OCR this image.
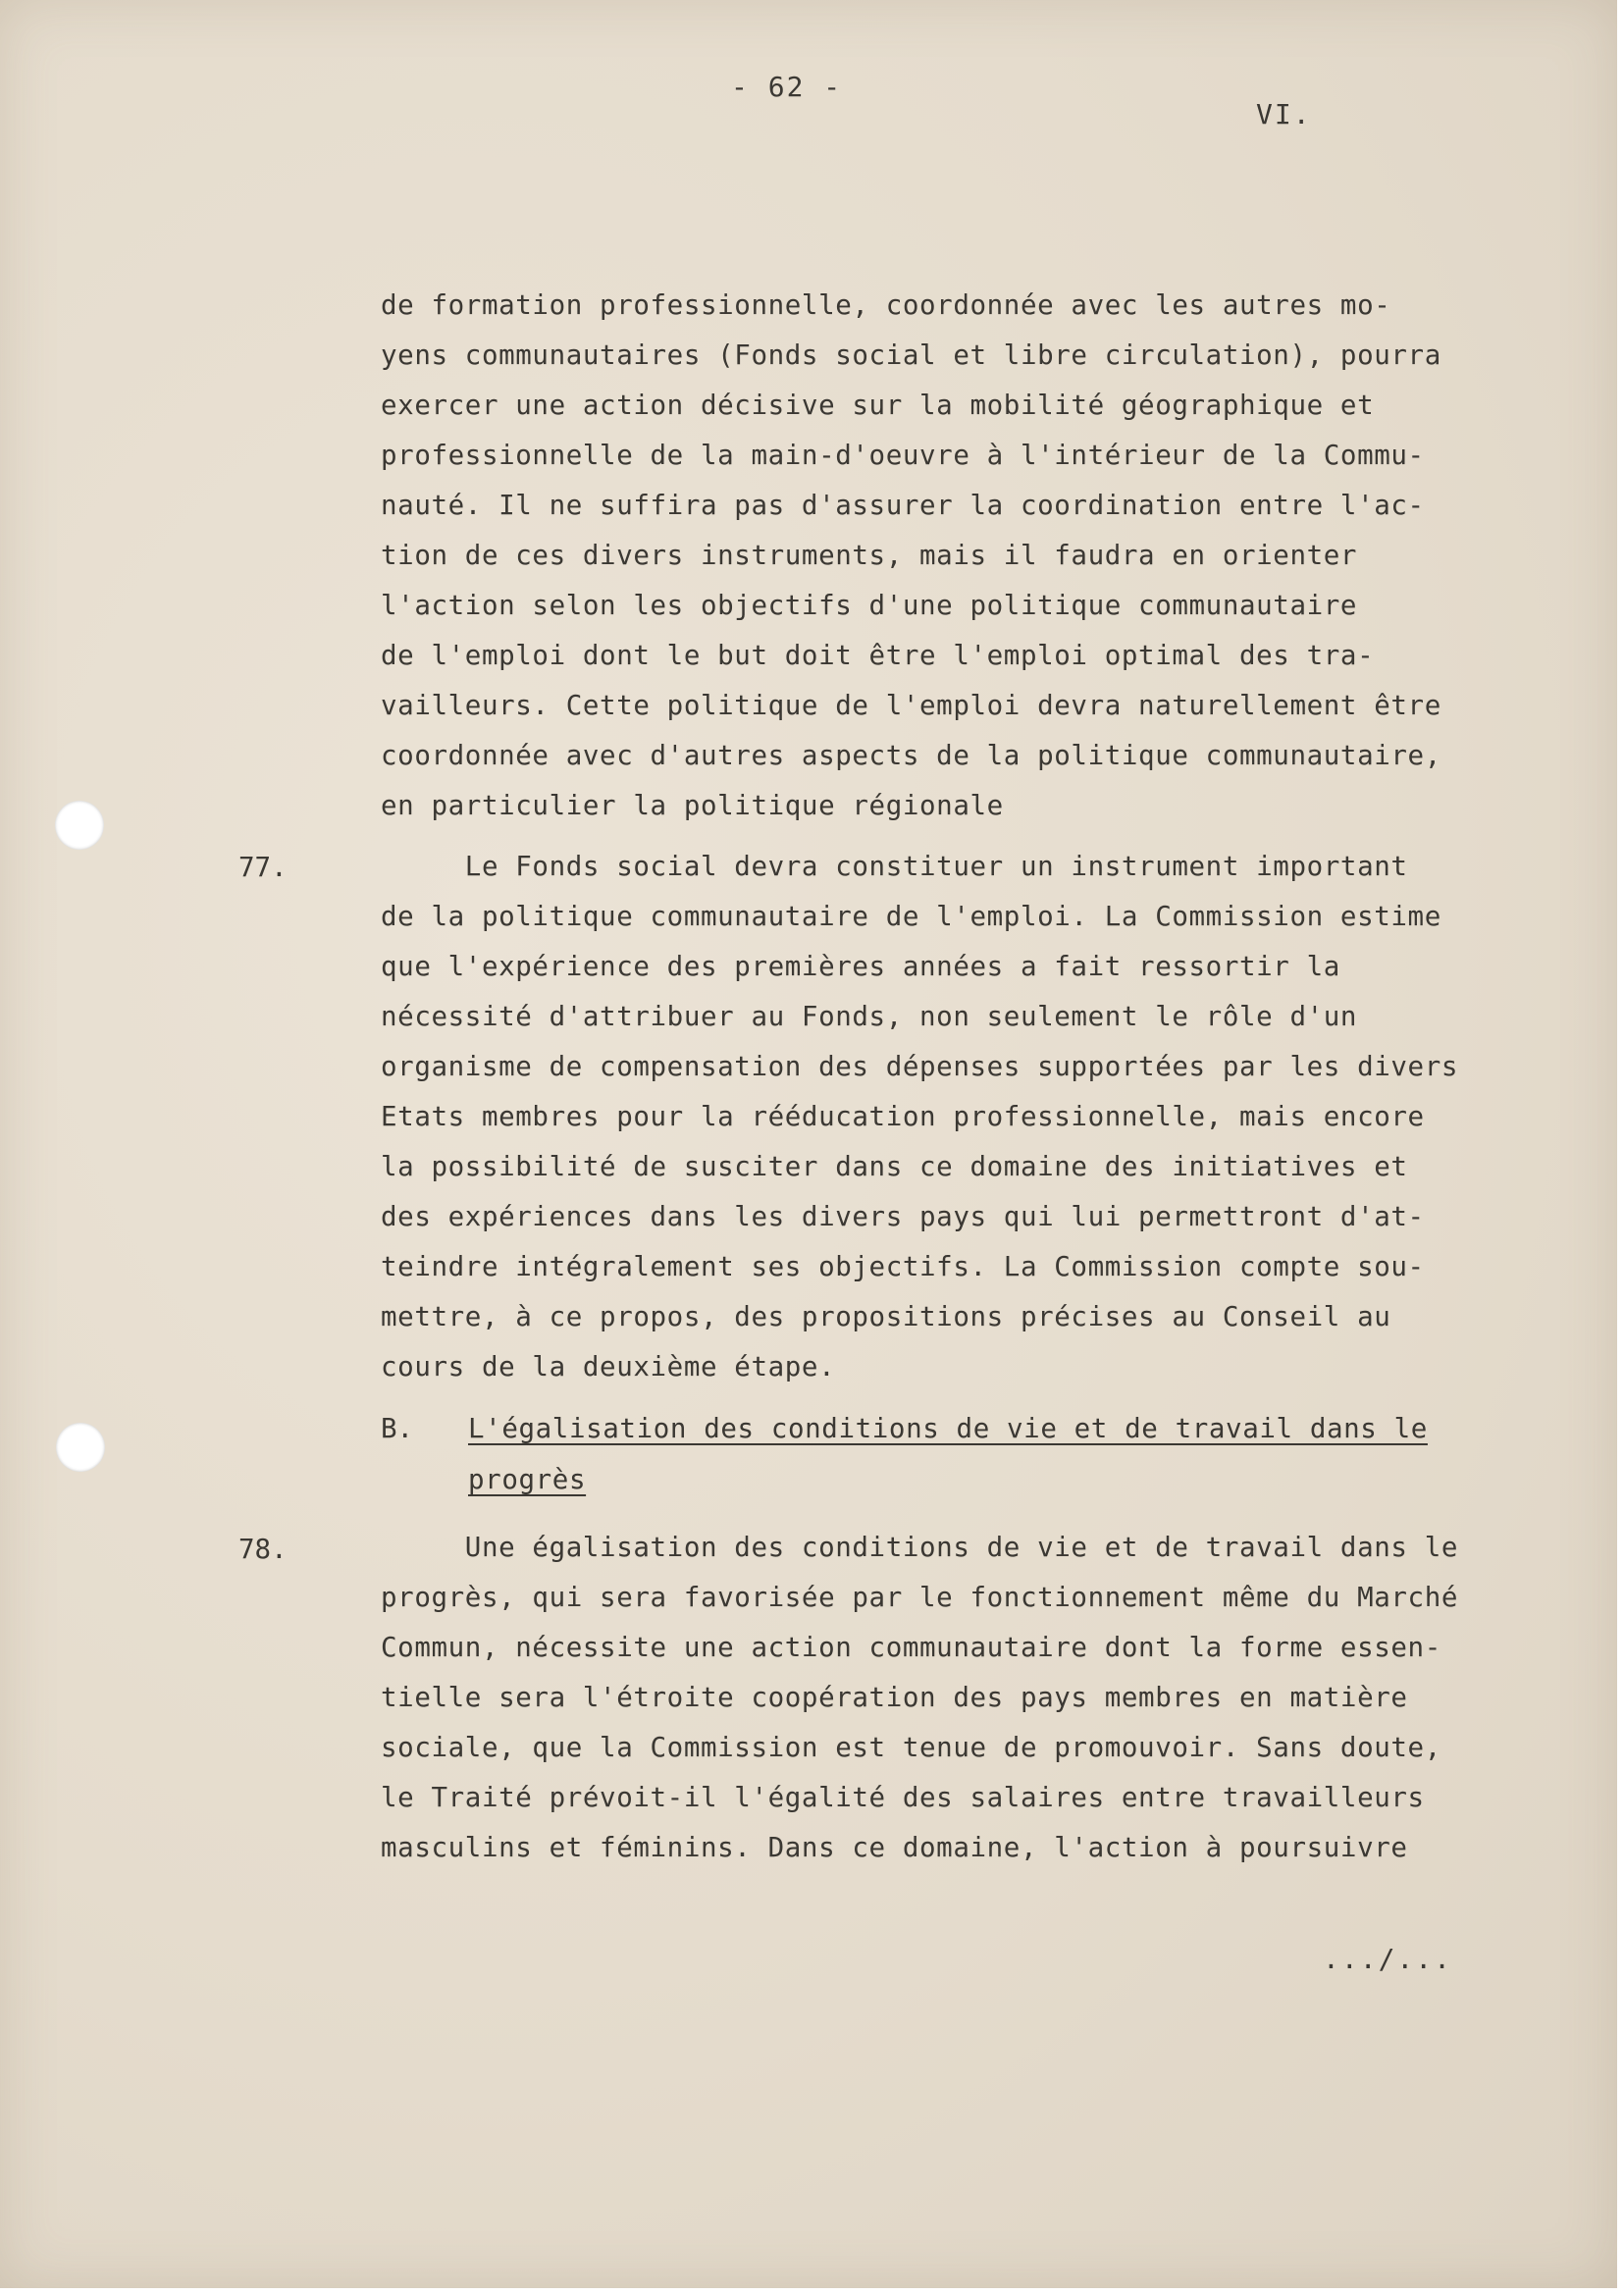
- 62 -
VI.
de formation professionnelle, coordonnée avec les autres mo-
yens communautaires (Fonds social et libre circulation), pourra
exercer une action décisive sur la mobilité géographique et
professionnelle de la main-d'oeuvre à l'intérieur de la Commu-
nauté. Il ne suffira pas d'assurer la coordination entre l'ac-
tion de ces divers instruments, mais il faudra en orienter
l'action selon les objectifs d'une politique communautaire
de l'emploi dont le but doit être l'emploi optimal des tra-
vailleurs. Cette politique de l'emploi devra naturellement être
coordonnée avec d'autres aspects de la politique communautaire,
en particulier la politique régionale
77.	Le Fonds social devra constituer un instrument important
de la politique communautaire de l'emploi. La Commission estime
que l'expérience des premières années a fait ressortir la
nécessité d'attribuer au Fonds, non seulement le rôle d'un
organisme de compensation des dépenses supportées par les divers
Etats membres pour la rééducation professionnelle, mais encore
la possibilité de susciter dans ce domaine des initiatives et
des expériences dans les divers pays qui lui permettront d'at-
teindre intégralement ses objectifs. La Commission compte sou-
mettre, à ce propos, des propositions précises au Conseil au
cours de la deuxième étape.
B. L'égalisation des conditions de vie et de travail dans le
progrès
78.	Une égalisation des conditions de vie et de travail dans le
progrès, qui sera favorisée par le fonctionnement même du Marché
Commun, nécessite une action communautaire dont la forme essen-
tielle sera l'étroite coopération des pays membres en matière
sociale, que la Commission est tenue de promouvoir. Sans doute,
le Traité prévoit-il l'égalité des salaires entre travailleurs
masculins et féminins. Dans ce domaine, l'action à poursuivre
.../...
